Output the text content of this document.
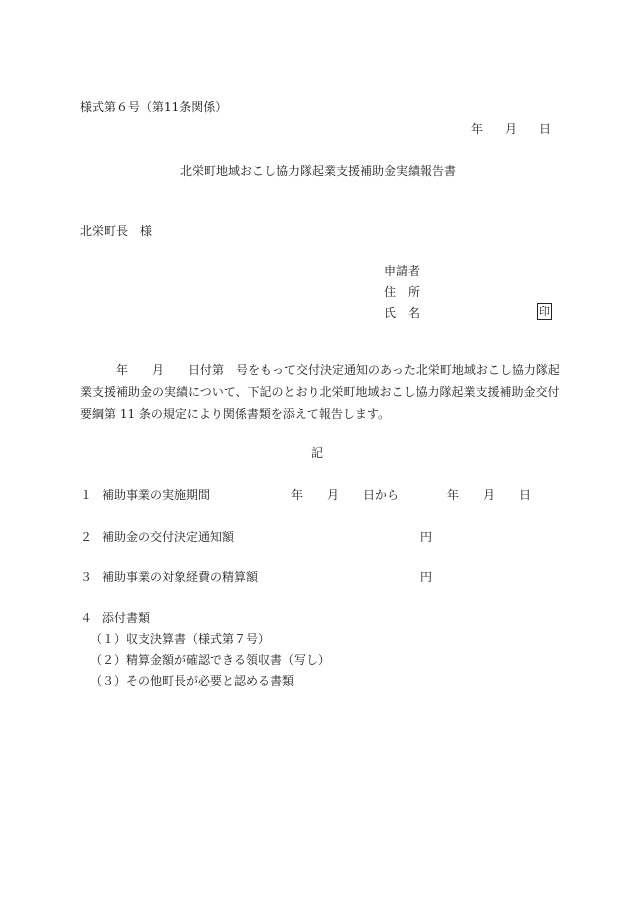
様式第６号（第11条関係）
年 月 日
北栄町地域おこし協力隊起業支援補助金実績報告書
北栄町長　様
申請者
住　所
氏　名	印
　　　年　　月　　日付第　号をもって交付決定通知のあった北栄町地域おこし協力隊起
業支援補助金の実績について、下記のとおり北栄町地域おこし協力隊起業支援補助金交付
要綱第 11 条の規定により関係書類を添えて報告します。
記
１ 補助事業の実施期間	年　　月　　日から　　　　年　　月　　日
２ 補助金の交付決定通知額	円
３ 補助事業の対象経費の精算額	円
４ 添付書類
（１）収支決算書（様式第７号）
（２）精算金額が確認できる領収書（写し）
（３）その他町長が必要と認める書類
